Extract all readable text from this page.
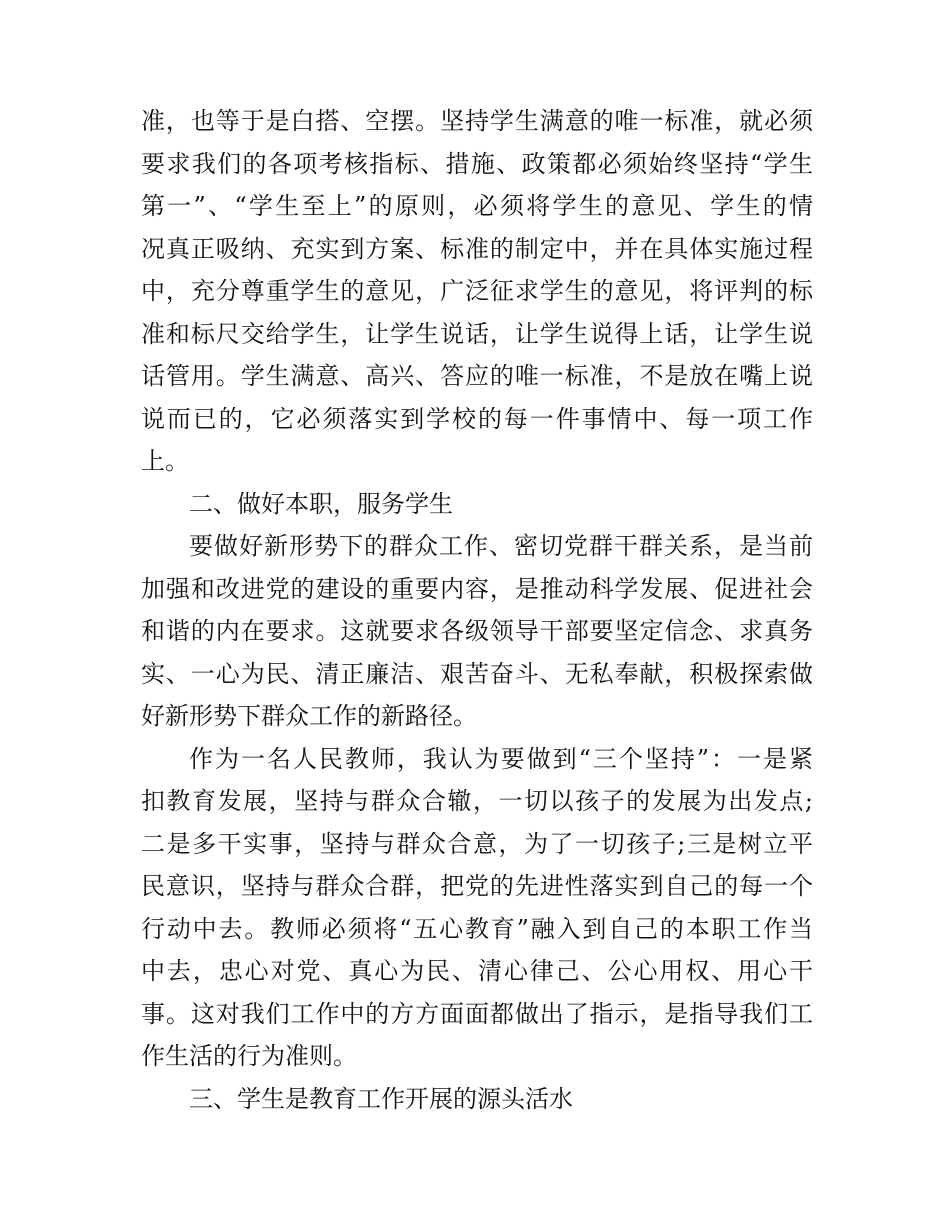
准，也等于是白搭、空摆。坚持学生满意的唯一标准，就必须
要求我们的各项考核指标、措施、政策都必须始终坚持“学生
第一”、“学生至上”的原则，必须将学生的意见、学生的情
况真正吸纳、充实到方案、标准的制定中，并在具体实施过程
中，充分尊重学生的意见，广泛征求学生的意见，将评判的标
准和标尺交给学生，让学生说话，让学生说得上话，让学生说
话管用。学生满意、高兴、答应的唯一标准，不是放在嘴上说
说而已的，它必须落实到学校的每一件事情中、每一项工作
上。
二、做好本职，服务学生
要做好新形势下的群众工作、密切党群干群关系，是当前
加强和改进党的建设的重要内容，是推动科学发展、促进社会
和谐的内在要求。这就要求各级领导干部要坚定信念、求真务
实、一心为民、清正廉洁、艰苦奋斗、无私奉献，积极探索做
好新形势下群众工作的新路径。
作为一名人民教师，我认为要做到“三个坚持”：一是紧
扣教育发展，坚持与群众合辙，一切以孩子的发展为出发点;
二是多干实事，坚持与群众合意，为了一切孩子;三是树立平
民意识，坚持与群众合群，把党的先进性落实到自己的每一个
行动中去。教师必须将“五心教育”融入到自己的本职工作当
中去，忠心对党、真心为民、清心律己、公心用权、用心干
事。这对我们工作中的方方面面都做出了指示，是指导我们工
作生活的行为准则。
三、学生是教育工作开展的源头活水
